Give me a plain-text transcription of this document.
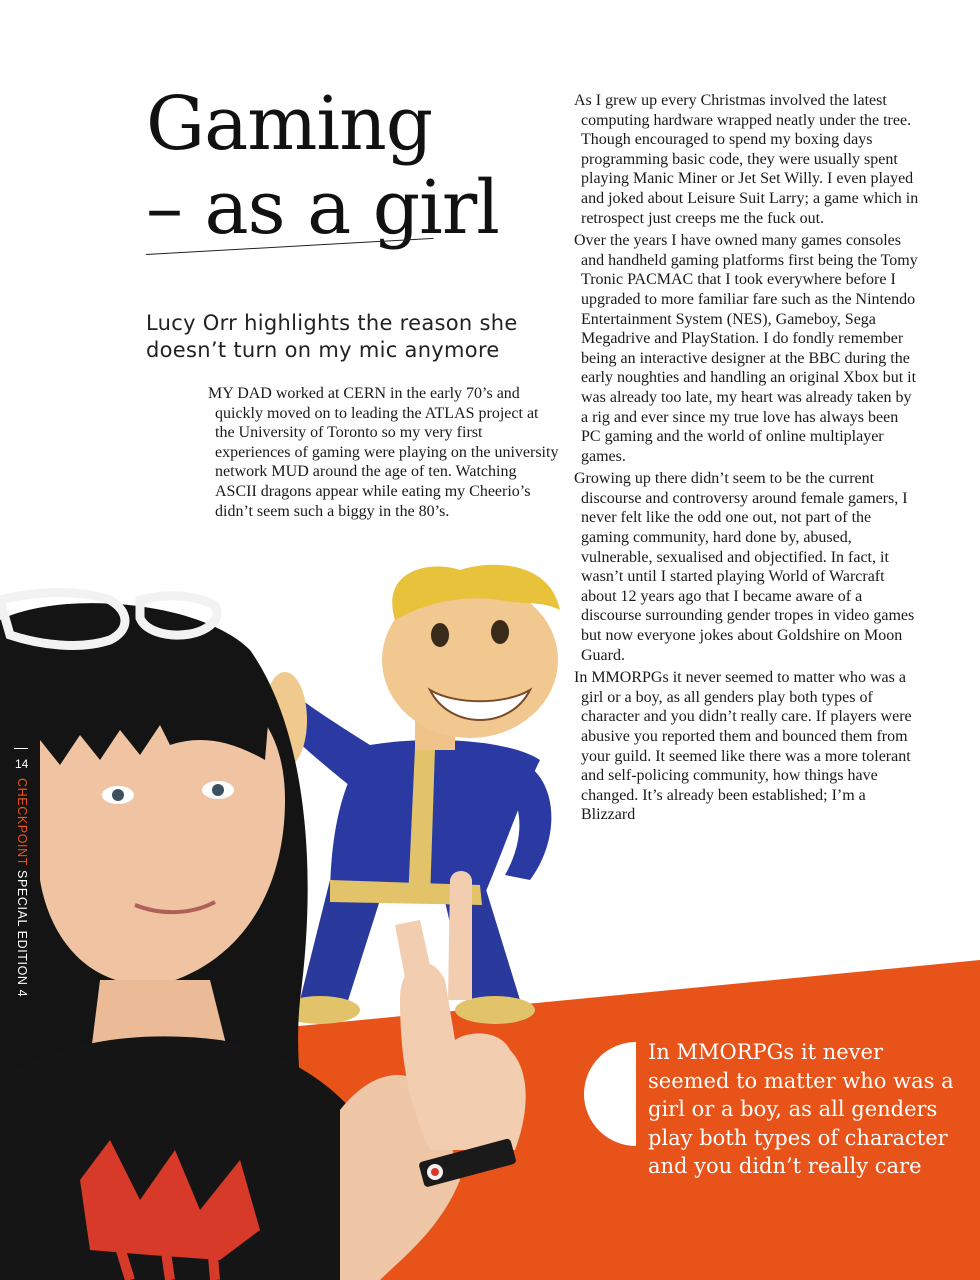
Gaming
– as a girl
Lucy Orr highlights the reason she doesn’t turn on my mic anymore

MY DAD worked at CERN in the early 70’s and quickly moved on to leading the ATLAS project at the University of Toronto so my very first experiences of gaming were playing on the university network MUD around the age of ten. Watching ASCII dragons appear while eating my Cheerio’s didn’t seem such a biggy in the 80’s.

As I grew up every Christmas involved the latest computing hardware wrapped neatly under the tree. Though encouraged to spend my boxing days programming basic code, they were usually spent playing Manic Miner or Jet Set Willy. I even played and joked about Leisure Suit Larry; a game which in retrospect just creeps me the fuck out.

Over the years I have owned many games consoles and handheld gaming platforms first being the Tomy Tronic PACMAC that I took everywhere before I upgraded to more familiar fare such as the Nintendo Entertainment System (NES), Gameboy, Sega Megadrive and PlayStation. I do fondly remember being an interactive designer at the BBC during the early noughties and handling an original Xbox but it was already too late, my heart was already taken by a rig and ever since my true love has always been PC gaming and the world of online multiplayer games.

Growing up there didn’t seem to be the current discourse and controversy around female gamers, I never felt like the odd one out, not part of the gaming community, hard done by, abused, vulnerable, sexualised and objectified. In fact, it wasn’t until I started playing World of Warcraft about 12 years ago that I became aware of a discourse surrounding gender tropes in video games but now everyone jokes about Goldshire on Moon Guard.

In MMORPGs it never seemed to matter who was a girl or a boy, as all genders play both types of character and you didn’t really care. If players were abusive you reported them and bounced them from your guild. It seemed like there was a more tolerant and self-policing community, how things have changed. It’s already been established; I’m a Blizzard

In MMORPGs it never seemed to matter who was a girl or a boy, as all genders play both types of character and you didn’t really care
14
CHECKPOINT SPECIAL EDITION 4
